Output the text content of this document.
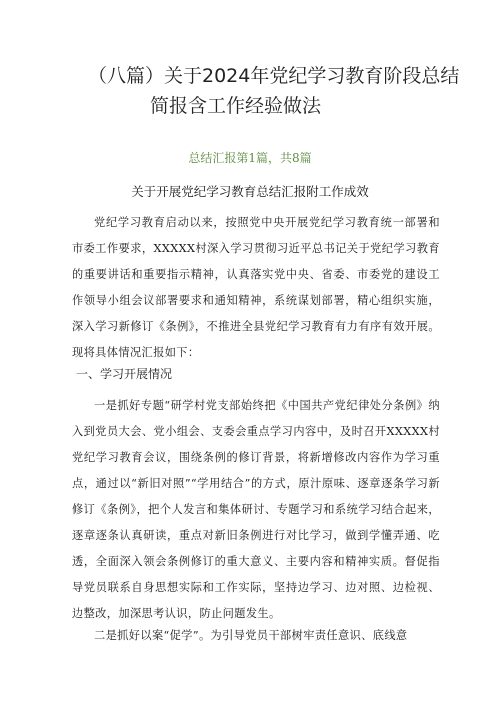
（八篇）关于2024年党纪学习教育阶段总结
简报含工作经验做法
总结汇报第1篇，共8篇
关于开展党纪学习教育总结汇报附工作成效

党纪学习教育启动以来，按照党中央开展党纪学习教育统一部署和市委工作要求，XXXXX村深入学习贯彻习近平总书记关于党纪学习教育的重要讲话和重要指示精神，认真落实党中央、省委、市委党的建设工作领导小组会议部署要求和通知精神，系统谋划部署，精心组织实施，深入学习新修订《条例》，不推进全县党纪学习教育有力有序有效开展。现将具体情况汇报如下：

一、学习开展情况

一是抓好专题“研学村党支部始终把《中国共产党纪律处分条例》纳入到党员大会、党小组会、支委会重点学习内容中，及时召开XXXXX村党纪学习教育会议，围绕条例的修订背景，将新增修改内容作为学习重点，通过以“新旧对照”“学用结合”的方式，原汁原味、逐章逐条学习新修订《条例》，把个人发言和集体研讨、专题学习和系统学习结合起来，逐章逐条认真研读，重点对新旧条例进行对比学习，做到学懂弄通、吃透，全面深入领会条例修订的重大意义、主要内容和精神实质。督促指导党员联系自身思想实际和工作实际，坚持边学习、边对照、边检视、边整改，加深思考认识，防止问题发生。

二是抓好以案“促学”。为引导党员干部树牢责任意识、底线意
